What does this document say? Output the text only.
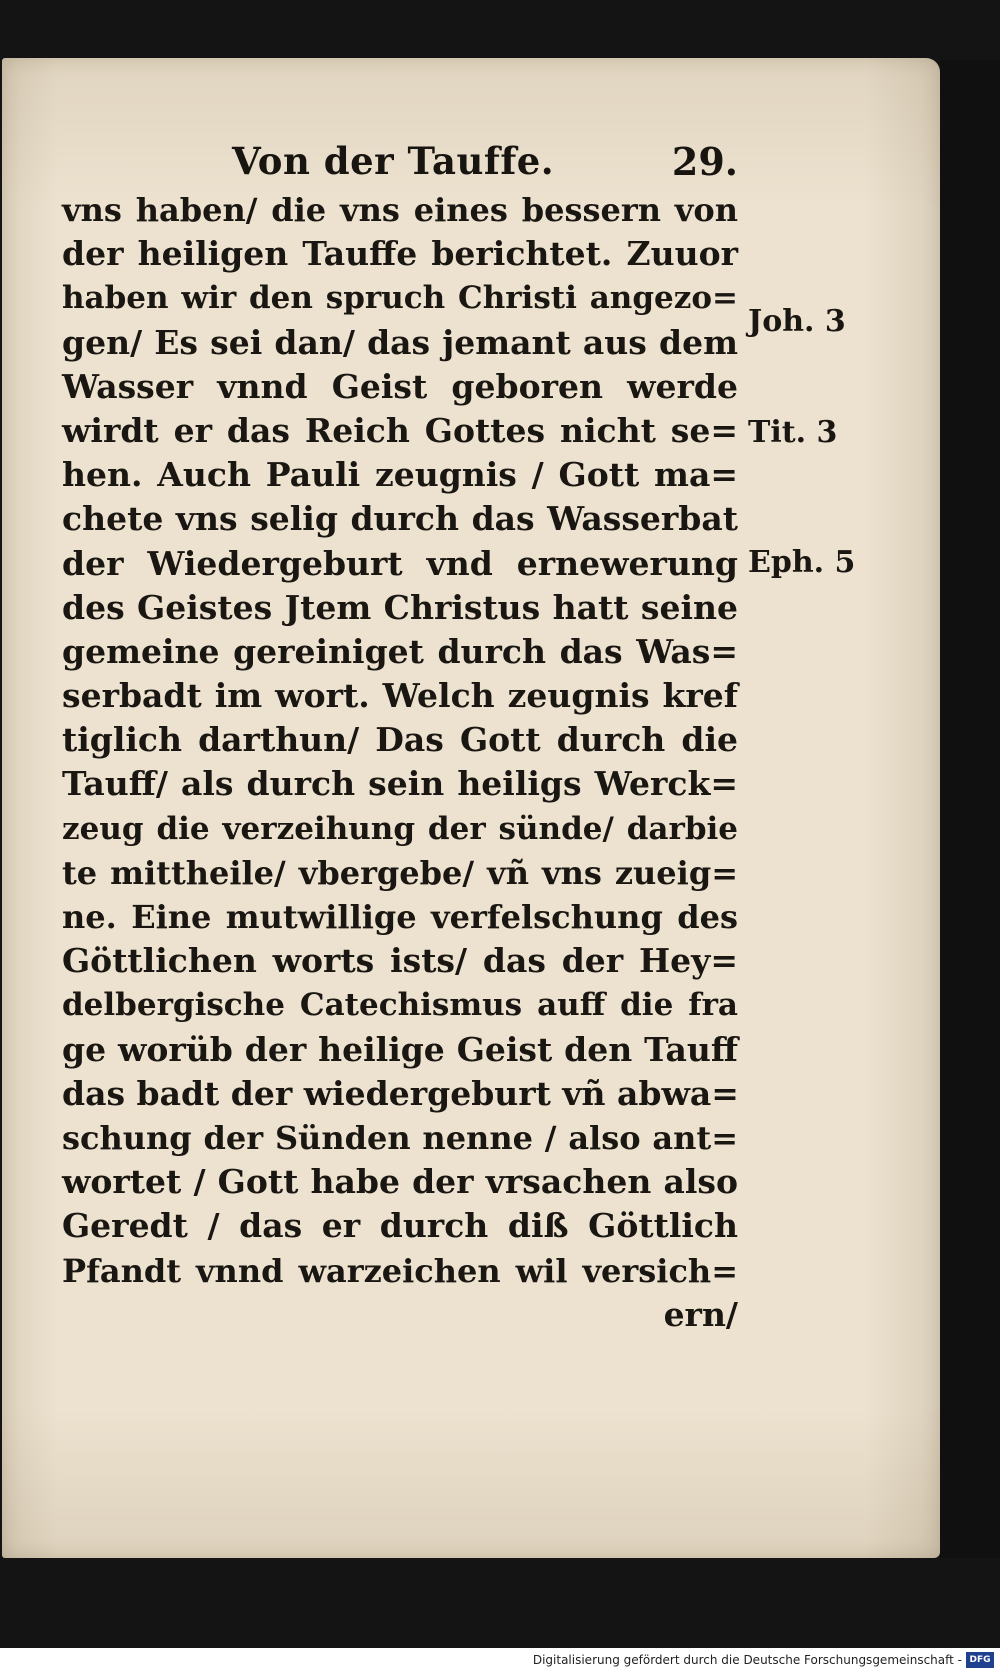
Von der Tauffe.	29.
vns haben/ die vns eines bessern von
der heiligen Tauffe berichtet. Zuuor
haben wir den spruch Christi angezo=
gen/ Es sei dan/ das jemant aus dem
Wasser vnnd Geist geboren werde
wirdt er das Reich Gottes nicht se=
hen. Auch Pauli zeugnis / Gott ma=
chete vns selig durch das Wasserbat
der Wiedergeburt vnd ernewerung
des Geistes Jtem Christus hatt seine
gemeine gereiniget durch das Was=
serbadt im wort. Welch zeugnis kref
tiglich darthun/ Das Gott durch die
Tauff/ als durch sein heiligs Werck=
zeug die verzeihung der sünde/ darbie
te mittheile/ vbergebe/ vñ vns zueig=
ne. Eine mutwillige verfelschung des
Göttlichen worts ists/ das der Hey=
delbergische Catechismus auff die fra
ge worüb der heilige Geist den Tauff
das badt der wiedergeburt vñ abwa=
schung der Sünden nenne / also ant=
wortet / Gott habe der vrsachen also
Geredt / das er durch diß Göttlich
Pfandt vnnd warzeichen wil versich=
ern/
Joh. 3
Tit. 3
Eph. 5
Digitalisierung gefördert durch die Deutsche Forschungsgemeinschaft - DFG
